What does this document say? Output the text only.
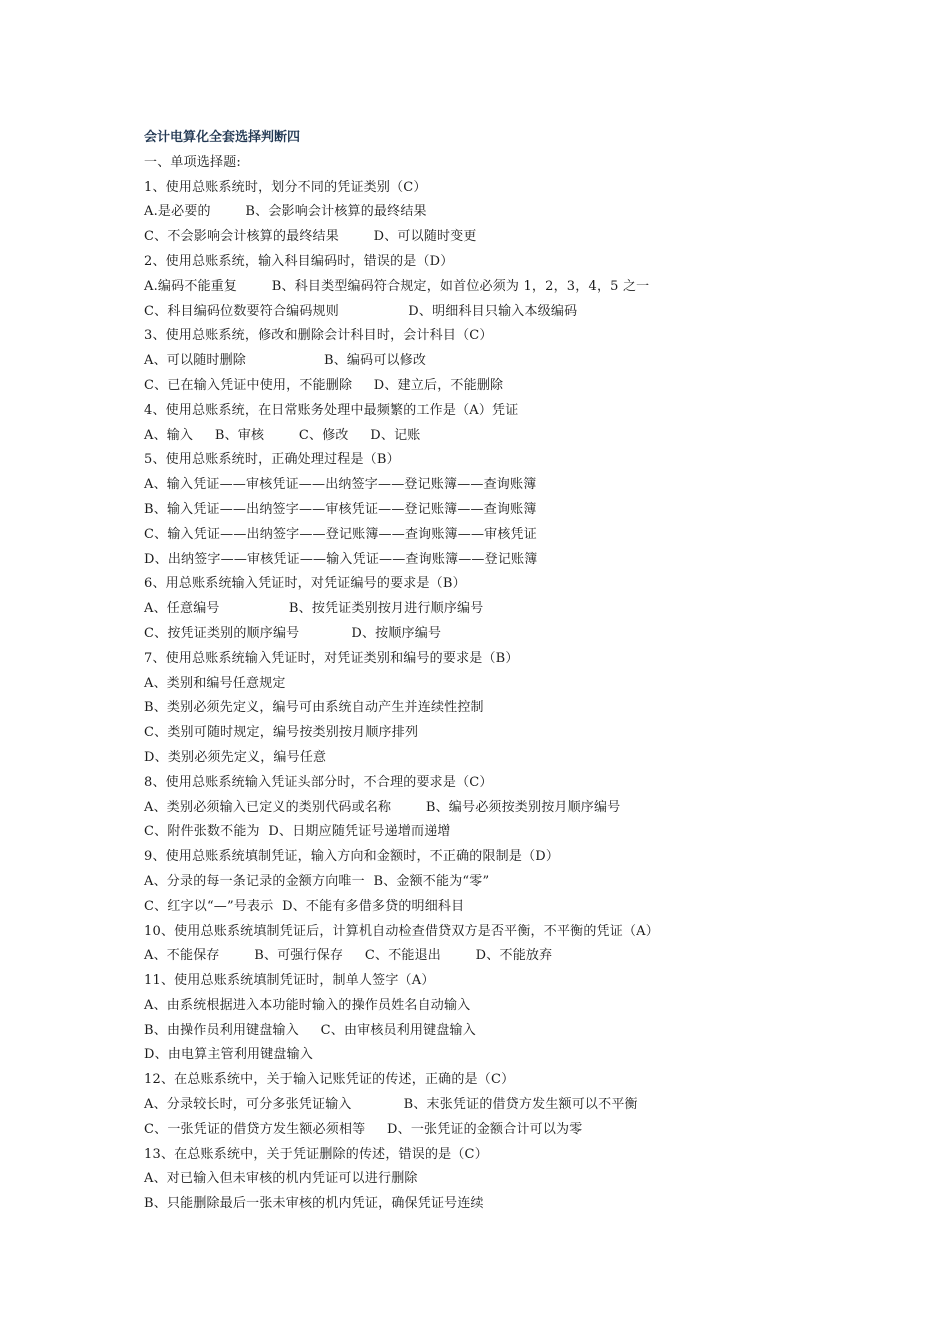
会计电算化全套选择判断四
一、单项选择题:
1、使用总账系统时，划分不同的凭证类别（C）
A.是必要的        B、会影响会计核算的最终结果
C、不会影响会计核算的最终结果        D、可以随时变更
2、使用总账系统，输入科目编码时，错误的是（D）
A.编码不能重复        B、科目类型编码符合规定，如首位必须为 1，2，3，4，5 之一
C、科目编码位数要符合编码规则                D、明细科目只输入本级编码
3、使用总账系统，修改和删除会计科目时，会计科目（C）
A、可以随时删除                  B、编码可以修改
C、已在输入凭证中使用，不能删除     D、建立后，不能删除
4、使用总账系统，在日常账务处理中最频繁的工作是（A）凭证
A、输入     B、审核        C、修改     D、记账
5、使用总账系统时，正确处理过程是（B）
A、输入凭证——审核凭证——出纳签字——登记账簿——查询账簿
B、输入凭证——出纳签字——审核凭证——登记账簿——查询账簿
C、输入凭证——出纳签字——登记账簿——查询账簿——审核凭证
D、出纳签字——审核凭证——输入凭证——查询账簿——登记账簿
6、用总账系统输入凭证时，对凭证编号的要求是（B）
A、任意编号                B、按凭证类别按月进行顺序编号
C、按凭证类别的顺序编号            D、按顺序编号
7、使用总账系统输入凭证时，对凭证类别和编号的要求是（B）
A、类别和编号任意规定
B、类别必须先定义，编号可由系统自动产生并连续性控制
C、类别可随时规定，编号按类别按月顺序排列
D、类别必须先定义，编号任意
8、使用总账系统输入凭证头部分时，不合理的要求是（C）
A、类别必须输入已定义的类别代码或名称        B、编号必须按类别按月顺序编号
C、附件张数不能为  D、日期应随凭证号递增而递增
9、使用总账系统填制凭证，输入方向和金额时，不正确的限制是（D）
A、分录的每一条记录的金额方向唯一  B、金额不能为“零”
C、红字以“—”号表示  D、不能有多借多贷的明细科目
10、使用总账系统填制凭证后，计算机自动检查借贷双方是否平衡，不平衡的凭证（A）
A、不能保存        B、可强行保存     C、不能退出        D、不能放弃
11、使用总账系统填制凭证时，制单人签字（A）
A、由系统根据进入本功能时输入的操作员姓名自动输入
B、由操作员利用键盘输入     C、由审核员利用键盘输入
D、由电算主管利用键盘输入
12、在总账系统中，关于输入记账凭证的传述，正确的是（C）
A、分录较长时，可分多张凭证输入            B、末张凭证的借贷方发生额可以不平衡
C、一张凭证的借贷方发生额必须相等     D、一张凭证的金额合计可以为零
13、在总账系统中，关于凭证删除的传述，错误的是（C）
A、对已输入但未审核的机内凭证可以进行删除
B、只能删除最后一张未审核的机内凭证，确保凭证号连续
